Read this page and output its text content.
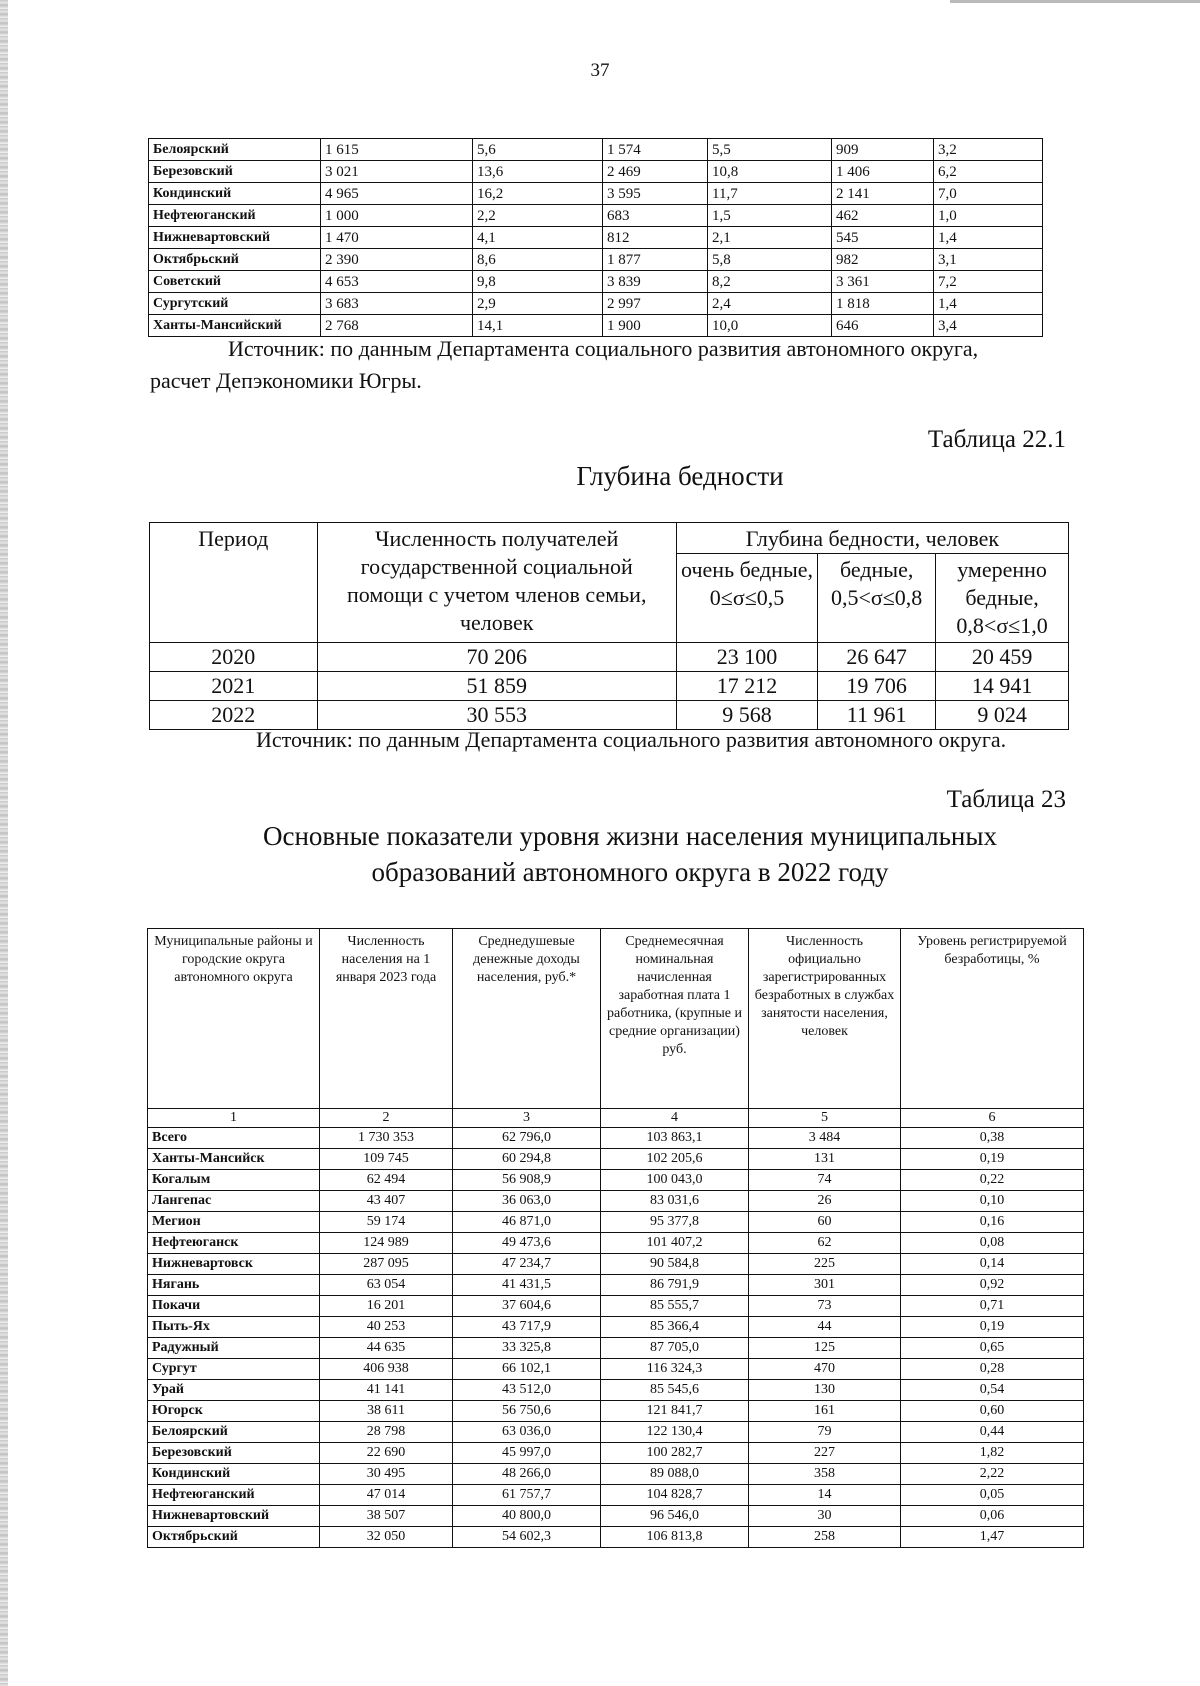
37
Белоярский	1 615	5,6	1 574	5,5	909	3,2
Березовский	3 021	13,6	2 469	10,8	1 406	6,2
Кондинский	4 965	16,2	3 595	11,7	2 141	7,0
Нефтеюганский	1 000	2,2	683	1,5	462	1,0
Нижневартовский	1 470	4,1	812	2,1	545	1,4
Октябрьский	2 390	8,6	1 877	5,8	982	3,1
Советский	4 653	9,8	3 839	8,2	3 361	7,2
Сургутский	3 683	2,9	2 997	2,4	1 818	1,4
Ханты-Мансийский	2 768	14,1	1 900	10,0	646	3,4
Источник: по данным Департамента социального развития автономного округа, расчет Депэкономики Югры.
Таблица 22.1
Глубина бедности
Период	Численность получателей государственной социальной помощи с учетом членов семьи, человек	Глубина бедности, человек		
		очень бедные, 0≤σ≤0,5	бедные, 0,5<σ≤0,8	умеренно бедные, 0,8<σ≤1,0
2020	70 206	23 100	26 647	20 459
2021	51 859	17 212	19 706	14 941
2022	30 553	9 568	11 961	9 024
Источник: по данным Департамента социального развития автономного округа.
Таблица 23
Основные показатели уровня жизни населения муниципальных образований автономного округа в 2022 году
Муниципальные районы и городские округа автономного округа	Численность населения на 1 января 2023 года	Среднедушевые денежные доходы населения, руб.*	Среднемесячная номинальная начисленная заработная плата 1 работника, (крупные и средние организации) руб.	Численность официально зарегистрированных безработных в службах занятости населения, человек	Уровень регистрируемой безработицы, %
1	2	3	4	5	6
Всего	1 730 353	62 796,0	103 863,1	3 484	0,38
Ханты-Мансийск	109 745	60 294,8	102 205,6	131	0,19
Когалым	62 494	56 908,9	100 043,0	74	0,22
Лангепас	43 407	36 063,0	83 031,6	26	0,10
Мегион	59 174	46 871,0	95 377,8	60	0,16
Нефтеюганск	124 989	49 473,6	101 407,2	62	0,08
Нижневартовск	287 095	47 234,7	90 584,8	225	0,14
Нягань	63 054	41 431,5	86 791,9	301	0,92
Покачи	16 201	37 604,6	85 555,7	73	0,71
Пыть-Ях	40 253	43 717,9	85 366,4	44	0,19
Радужный	44 635	33 325,8	87 705,0	125	0,65
Сургут	406 938	66 102,1	116 324,3	470	0,28
Урай	41 141	43 512,0	85 545,6	130	0,54
Югорск	38 611	56 750,6	121 841,7	161	0,60
Белоярский	28 798	63 036,0	122 130,4	79	0,44
Березовский	22 690	45 997,0	100 282,7	227	1,82
Кондинский	30 495	48 266,0	89 088,0	358	2,22
Нефтеюганский	47 014	61 757,7	104 828,7	14	0,05
Нижневартовский	38 507	40 800,0	96 546,0	30	0,06
Октябрьский	32 050	54 602,3	106 813,8	258	1,47
